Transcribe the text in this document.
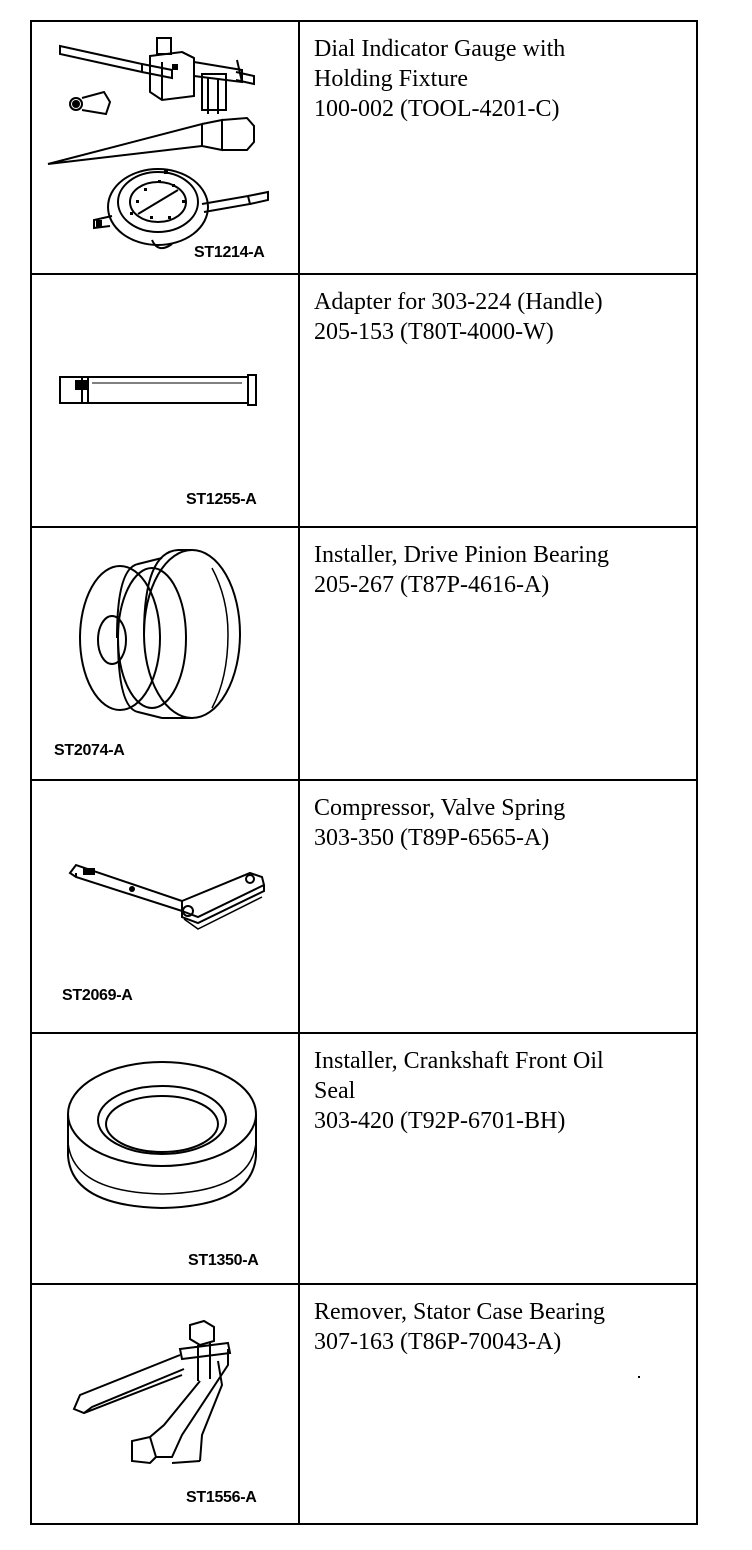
ST1214-A
Dial Indicator Gauge with
Holding Fixture
100-002 (TOOL-4201-C)
ST1255-A
Adapter for 303-224 (Handle)
205-153 (T80T-4000-W)
ST2074-A
Installer, Drive Pinion Bearing
205-267 (T87P-4616-A)
ST2069-A
Compressor, Valve Spring
303-350 (T89P-6565-A)
ST1350-A
Installer, Crankshaft Front Oil
Seal
303-420 (T92P-6701-BH)
ST1556-A
Remover, Stator Case Bearing
307-163 (T86P-70043-A)
